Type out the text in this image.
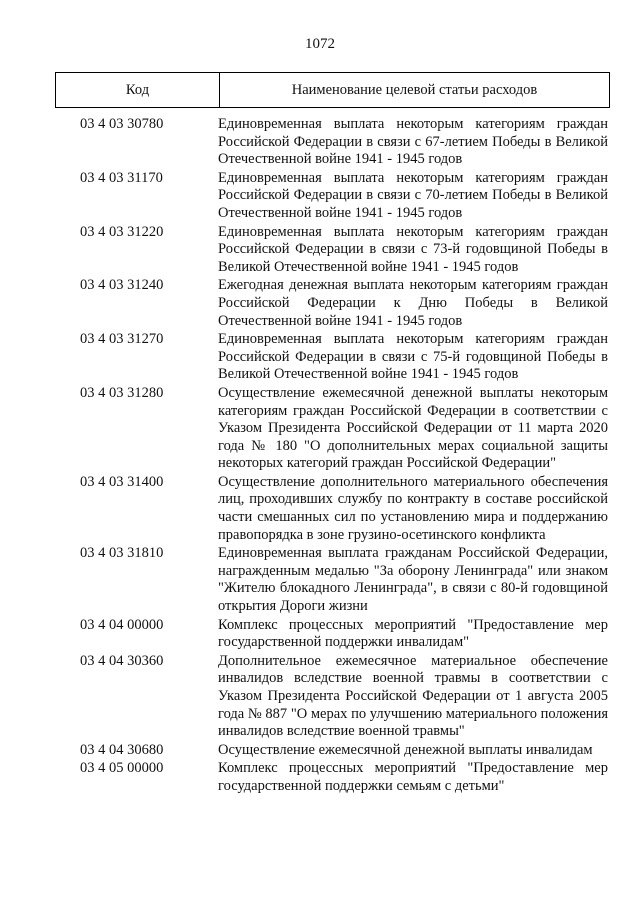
1072
Код	Наименование целевой статьи расходов
03 4 03 30780	Единовременная выплата некоторым категориям граждан Российской Федерации в связи с 67-летием Победы в Великой Отечественной войне 1941 - 1945 годов
03 4 03 31170	Единовременная выплата некоторым категориям граждан Российской Федерации в связи с 70-летием Победы в Великой Отечественной войне 1941 - 1945 годов
03 4 03 31220	Единовременная выплата некоторым категориям граждан Российской Федерации в связи с 73-й годовщиной Победы в Великой Отечественной войне 1941 - 1945 годов
03 4 03 31240	Ежегодная денежная выплата некоторым категориям граждан Российской Федерации к Дню Победы в Великой Отечественной войне 1941 - 1945 годов
03 4 03 31270	Единовременная выплата некоторым категориям граждан Российской Федерации в связи с 75-й годовщиной Победы в Великой Отечественной войне 1941 - 1945 годов
03 4 03 31280	Осуществление ежемесячной денежной выплаты некоторым категориям граждан Российской Федерации в соответствии с Указом Президента Российской Федерации от 11 марта 2020 года № 180 "О дополнительных мерах социальной защиты некоторых категорий граждан Российской Федерации"
03 4 03 31400	Осуществление дополнительного материального обеспечения лиц, проходивших службу по контракту в составе российской части смешанных сил по установлению мира и поддержанию правопорядка в зоне грузино-осетинского конфликта
03 4 03 31810	Единовременная выплата гражданам Российской Федерации, награжденным медалью "За оборону Ленинграда" или знаком "Жителю блокадного Ленинграда", в связи с 80-й годовщиной открытия Дороги жизни
03 4 04 00000	Комплекс процессных мероприятий "Предоставление мер государственной поддержки инвалидам"
03 4 04 30360	Дополнительное ежемесячное материальное обеспечение инвалидов вследствие военной травмы в соответствии с Указом Президента Российской Федерации от 1 августа 2005 года № 887 "О мерах по улучшению материального положения инвалидов вследствие военной травмы"
03 4 04 30680	Осуществление ежемесячной денежной выплаты инвалидам
03 4 05 00000	Комплекс процессных мероприятий "Предоставление мер государственной поддержки семьям с детьми"
